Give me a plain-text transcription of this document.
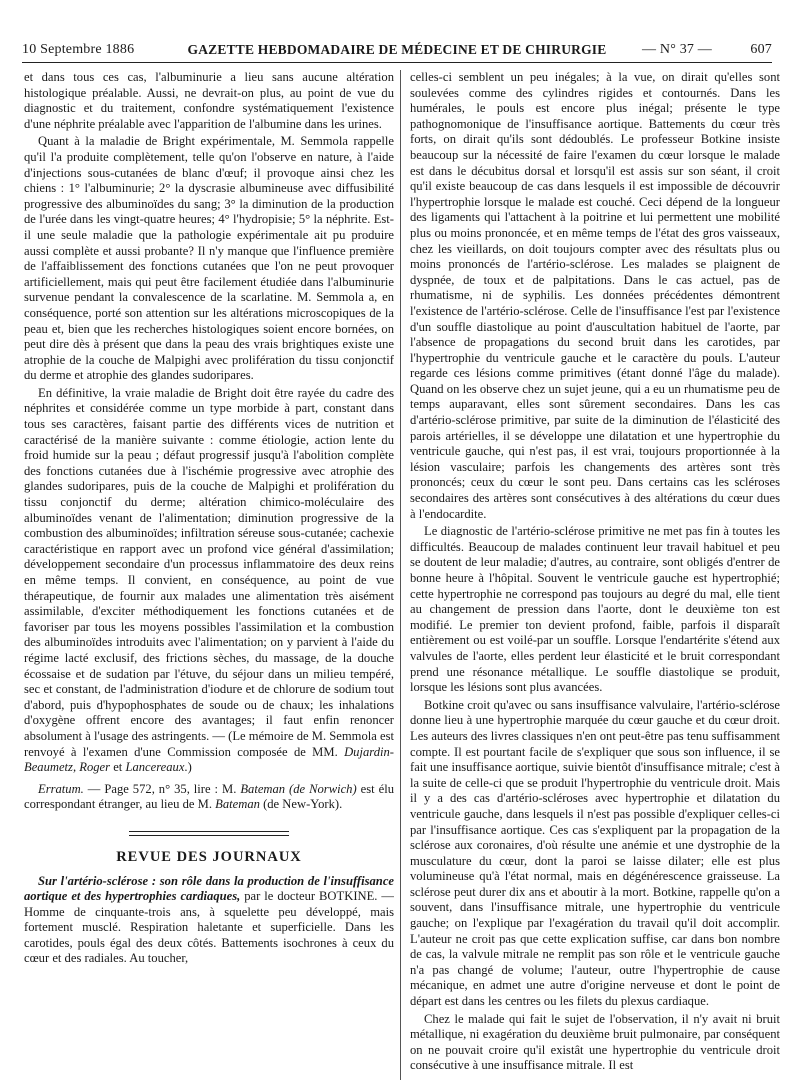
10 Septembre 1886	GAZETTE HEBDOMADAIRE DE MÉDECINE ET DE CHIRURGIE	— N° 37 —	607

et dans tous ces cas, l'albuminurie a lieu sans aucune altération histologique préalable. Aussi, ne devrait-on plus, au point de vue du diagnostic et du traitement, confondre systématiquement l'existence d'une néphrite préalable avec l'apparition de l'albumine dans les urines.

Quant à la maladie de Bright expérimentale, M. Semmola rappelle qu'il l'a produite complètement, telle qu'on l'observe en nature, à l'aide d'injections sous-cutanées de blanc d'œuf; il provoque ainsi chez les chiens : 1° l'albuminurie; 2° la dyscrasie albumineuse avec diffusibilité progressive des albuminoïdes du sang; 3° la diminution de la production de l'urée dans les vingt-quatre heures; 4° l'hydropisie; 5° la néphrite. Est-il une seule maladie que la pathologie expérimentale ait pu produire aussi complète et aussi probante? Il n'y manque que l'influence première de l'affaiblissement des fonctions cutanées que l'on ne peut provoquer artificiellement, mais qui peut être facilement étudiée dans l'albuminurie survenue pendant la convalescence de la scarlatine. M. Semmola a, en conséquence, porté son attention sur les altérations microscopiques de la peau et, bien que les recherches histologiques soient encore bornées, on peut dire dès à présent que dans la peau des vrais brightiques existe une atrophie de la couche de Malpighi avec prolifération du tissu conjonctif du derme et atrophie des glandes sudoripares.

En définitive, la vraie maladie de Bright doit être rayée du cadre des néphrites et considérée comme un type morbide à part, constant dans tous ses caractères, faisant partie des différents vices de nutrition et caractérisé de la manière suivante : comme étiologie, action lente du froid humide sur la peau ; défaut progressif jusqu'à l'abolition complète des fonctions cutanées due à l'ischémie progressive avec atrophie des glandes sudoripares, puis de la couche de Malpighi et prolifération du tissu conjonctif du derme; altération chimico-moléculaire des albuminoïdes venant de l'alimentation; diminution progressive de la combustion des albuminoïdes; infiltration séreuse sous-cutanée; cachexie caractéristique en rapport avec un profond vice général d'assimilation; développement secondaire d'un processus inflammatoire des deux reins en même temps. Il convient, en conséquence, au point de vue thérapeutique, de fournir aux malades une alimentation très aisément assimilable, d'exciter méthodiquement les fonctions cutanées et de favoriser par tous les moyens possibles l'assimilation et la combustion des albuminoïdes introduits avec l'alimentation; on y parvient à l'aide du régime lacté exclusif, des frictions sèches, du massage, de la douche écossaise et de sudation par l'étuve, du séjour dans un milieu tempéré, sec et constant, de l'administration d'iodure et de chlorure de sodium tout d'abord, puis d'hypophosphates de soude ou de chaux; les inhalations d'oxygène offrent encore des avantages; il faut enfin renoncer absolument à l'usage des astringents. — (Le mémoire de M. Semmola est renvoyé à l'examen d'une Commission composée de MM. Dujardin-Beaumetz, Roger et Lancereaux.)

Erratum. — Page 572, n° 35, lire : M. Bateman (de Norwich) est élu correspondant étranger, au lieu de M. Bateman (de New-York).

REVUE DES JOURNAUX

Sur l'artério-sclérose : son rôle dans la production de l'insuffisance aortique et des hypertrophies cardiaques, par le docteur BOTKINE. — Homme de cinquante-trois ans, à squelette peu développé, mais fortement musclé. Respiration haletante et superficielle. Dans les carotides, pouls égal des deux côtés. Battements isochrones à ceux du cœur et des radiales. Au toucher,

celles-ci semblent un peu inégales; à la vue, on dirait qu'elles sont soulevées comme des cylindres rigides et contournés. Dans les humérales, le pouls est encore plus inégal; présente le type pathognomonique de l'insuffisance aortique. Battements du cœur très forts, on dirait qu'ils sont dédoublés. Le professeur Botkine insiste beaucoup sur la nécessité de faire l'examen du cœur lorsque le malade est dans le décubitus dorsal et lorsqu'il est assis sur son séant, il croit qu'il existe beaucoup de cas dans lesquels il est impossible de découvrir l'hypertrophie lorsque le malade est couché. Ceci dépend de la longueur des ligaments qui l'attachent à la poitrine et lui permettent une mobilité plus ou moins prononcée, et en même temps de l'état des gros vaisseaux, chez les vieillards, on doit toujours compter avec des résultats plus ou moins prononcés de l'artério-sclérose. Les malades se plaignent de dyspnée, de toux et de palpitations. Dans le cas actuel, pas de rhumatisme, ni de syphilis. Les données précédentes démontrent l'existence de l'artério-sclérose. Celle de l'insuffisance l'est par l'existence d'un souffle diastolique au point d'auscultation habituel de l'aorte, par l'absence de propagations du second bruit dans les carotides, par l'hypertrophie du ventricule gauche et le caractère du pouls. L'auteur regarde ces lésions comme primitives (étant donné l'âge du malade). Quand on les observe chez un sujet jeune, qui a eu un rhumatisme peu de temps auparavant, elles sont sûrement secondaires. Dans les cas d'artério-sclérose primitive, par suite de la diminution de l'élasticité des parois artérielles, il se développe une dilatation et une hypertrophie du ventricule gauche, qui n'est pas, il est vrai, toujours proportionnée à la lésion vasculaire; parfois les changements des artères sont très prononcés; ceux du cœur le sont peu. Dans certains cas les scléroses secondaires des artères sont consécutives à des altérations du cœur dues à l'endocardite.

Le diagnostic de l'artério-sclérose primitive ne met pas fin à toutes les difficultés. Beaucoup de malades continuent leur travail habituel et peu se doutent de leur maladie; d'autres, au contraire, sont obligés d'entrer de bonne heure à l'hôpital. Souvent le ventricule gauche est hypertrophié; cette hypertrophie ne correspond pas toujours au degré du mal, elle tient au changement de pression dans l'aorte, dont le deuxième ton est modifié. Le premier ton devient profond, faible, parfois il disparaît entièrement ou est voilé-par un souffle. Lorsque l'endartérite s'étend aux valvules de l'aorte, elles perdent leur élasticité et le bruit correspondant prend une résonance métallique. Le souffle diastolique se produit, lorsque les lésions sont plus avancées.

Botkine croit qu'avec ou sans insuffisance valvulaire, l'artério-sclérose donne lieu à une hypertrophie marquée du cœur gauche et du cœur droit. Les auteurs des livres classiques n'en ont peut-être pas tenu suffisamment compte. Il est pourtant facile de s'expliquer que sous son influence, il se fait une insuffisance aortique, suivie bientôt d'insuffisance mitrale; c'est à la suite de celle-ci que se produit l'hypertrophie du ventricule droit. Mais il y a des cas d'artério-scléroses avec hypertrophie et dilatation du ventricule gauche, dans lesquels il n'est pas possible d'expliquer celles-ci par l'insuffisance aortique. Ces cas s'expliquent par la propagation de la sclérose aux coronaires, d'où résulte une anémie et une dystrophie de la musculature du cœur, dont la paroi se laisse dilater; elle est plus volumineuse qu'à l'état normal, mais en dégénérescence graisseuse. La sclérose peut durer dix ans et aboutir à la mort. Botkine, rappelle qu'on a souvent, dans l'insuffisance mitrale, une hypertrophie du ventricule gauche; on l'explique par l'exagération du travail qu'il doit accomplir. L'auteur ne croit pas que cette explication suffise, car dans bon nombre de cas, la valvule mitrale ne remplit pas son rôle et le ventricule gauche n'a pas changé de volume; l'auteur, outre l'hypertrophie de cause mécanique, en admet une autre d'origine nerveuse et dont le point de départ est dans les centres ou les filets du plexus cardiaque.

Chez le malade qui fait le sujet de l'observation, il n'y avait ni bruit métallique, ni exagération du deuxième bruit pulmonaire, par conséquent on ne pouvait croire qu'il existât une hypertrophie du ventricule droit consécutive à une insuffisance mitrale. Il est
